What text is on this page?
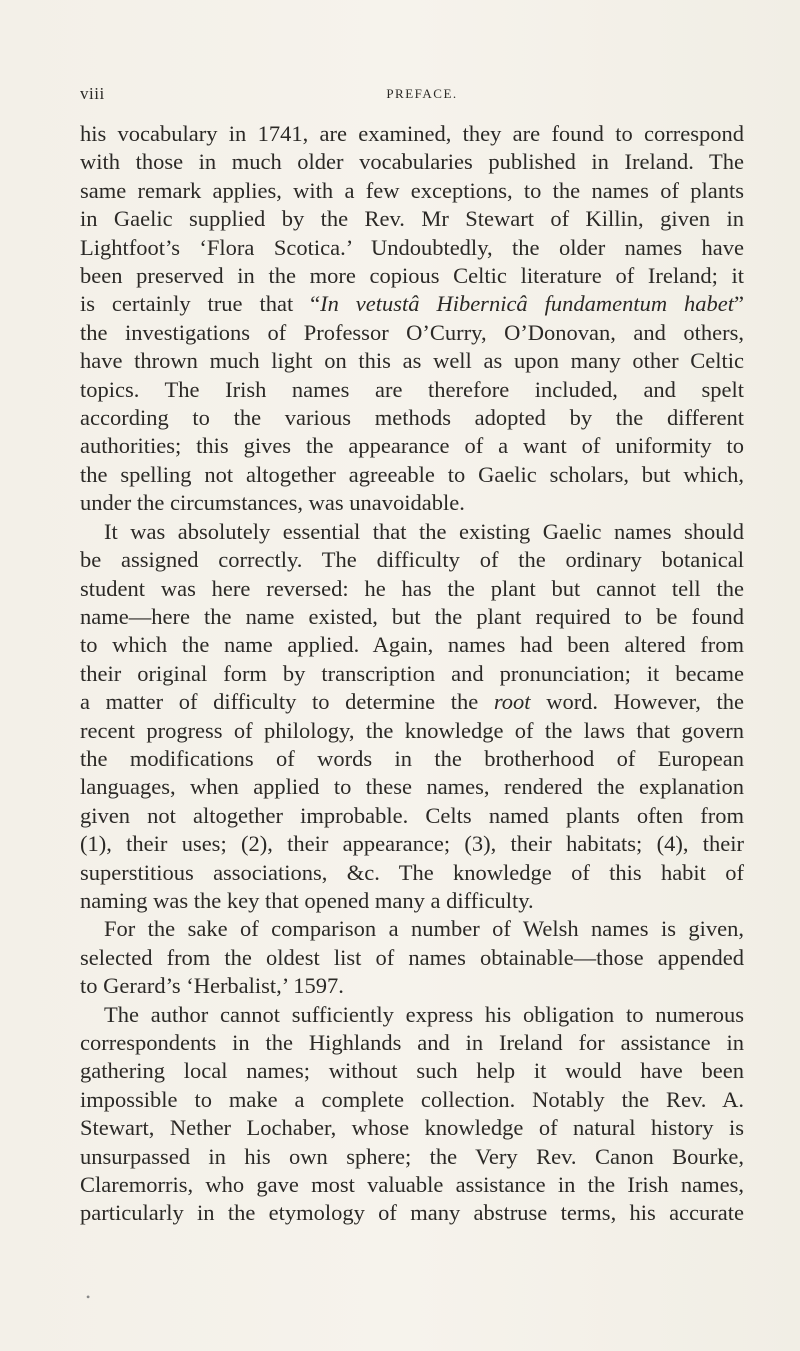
viii	PREFACE.
his vocabulary in 1741, are examined, they are found to correspond
with those in much older vocabularies published in Ireland. The
same remark applies, with a few exceptions, to the names of plants
in Gaelic supplied by the Rev. Mr Stewart of Killin, given in
Lightfoot’s ‘Flora Scotica.’ Undoubtedly, the older names have
been preserved in the more copious Celtic literature of Ireland; it
is certainly true that “In vetustâ Hibernicâ fundamentum habet”
the investigations of Professor O’Curry, O’Donovan, and others,
have thrown much light on this as well as upon many other Celtic
topics. The Irish names are therefore included, and spelt
according to the various methods adopted by the different
authorities; this gives the appearance of a want of uniformity to
the spelling not altogether agreeable to Gaelic scholars, but which,
under the circumstances, was unavoidable.
It was absolutely essential that the existing Gaelic names should
be assigned correctly. The difficulty of the ordinary botanical
student was here reversed: he has the plant but cannot tell the
name—here the name existed, but the plant required to be found
to which the name applied. Again, names had been altered from
their original form by transcription and pronunciation; it became
a matter of difficulty to determine the root word. However, the
recent progress of philology, the knowledge of the laws that govern
the modifications of words in the brotherhood of European
languages, when applied to these names, rendered the explanation
given not altogether improbable. Celts named plants often from
(1), their uses; (2), their appearance; (3), their habitats; (4), their
superstitious associations, &c. The knowledge of this habit of
naming was the key that opened many a difficulty.
For the sake of comparison a number of Welsh names is given,
selected from the oldest list of names obtainable—those appended
to Gerard’s ‘Herbalist,’ 1597.
The author cannot sufficiently express his obligation to numerous
correspondents in the Highlands and in Ireland for assistance in
gathering local names; without such help it would have been
impossible to make a complete collection. Notably the Rev. A.
Stewart, Nether Lochaber, whose knowledge of natural history is
unsurpassed in his own sphere; the Very Rev. Canon Bourke,
Claremorris, who gave most valuable assistance in the Irish names,
particularly in the etymology of many abstruse terms, his accurate
•
